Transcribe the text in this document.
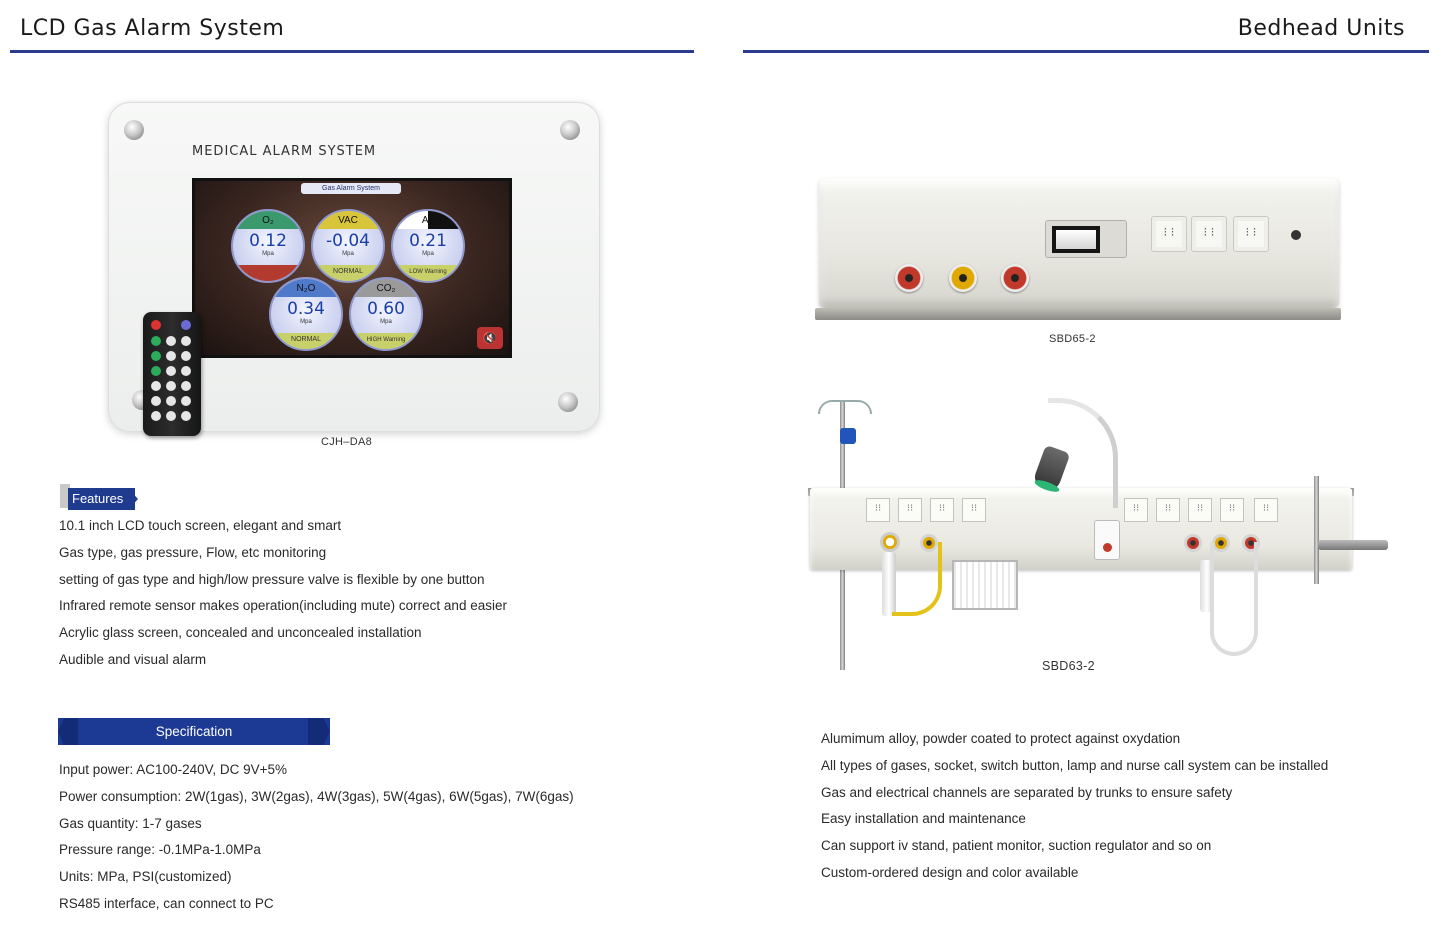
LCD Gas Alarm System	Bedhead Units
MEDICAL ALARM SYSTEM
Gas Alarm System
O₂
0.12
Mpa
VAC
-0.04
Mpa
NORMAL
Air
0.21
Mpa
LOW Warning
N₂O
0.34
Mpa
NORMAL
CO₂
0.60
Mpa
HIGH Warning	🔇
CJH–DA8
Features
10.1 inch LCD touch screen, elegant and smart
Gas type, gas pressure, Flow, etc monitoring
setting of gas type and high/low pressure valve is flexible by one button
Infrared remote sensor makes operation(including mute) correct and easier
Acrylic glass screen, concealed and unconcealed installation
Audible and visual alarm
Specification
Input power: AC100-240V, DC 9V+5%
Power consumption: 2W(1gas), 3W(2gas), 4W(3gas), 5W(4gas), 6W(5gas), 7W(6gas)
Gas quantity: 1-7 gases
Pressure range: -0.1MPa-1.0MPa
Units: MPa, PSI(customized)
RS485 interface, can connect to PC
⁝ ⁝
⁝ ⁝
⁝ ⁝
SBD65-2
⁝⁝
⁝⁝
⁝⁝
⁝⁝
⁝⁝
⁝⁝
⁝⁝
⁝⁝
⁝⁝
SBD63-2
Alumimum alloy, powder coated to protect against oxydation
All types of gases, socket, switch button, lamp and nurse call system can be installed
Gas and electrical channels are separated by trunks to ensure safety
Easy installation and maintenance
Can support iv stand, patient monitor, suction regulator and so on
Custom-ordered design and color available
